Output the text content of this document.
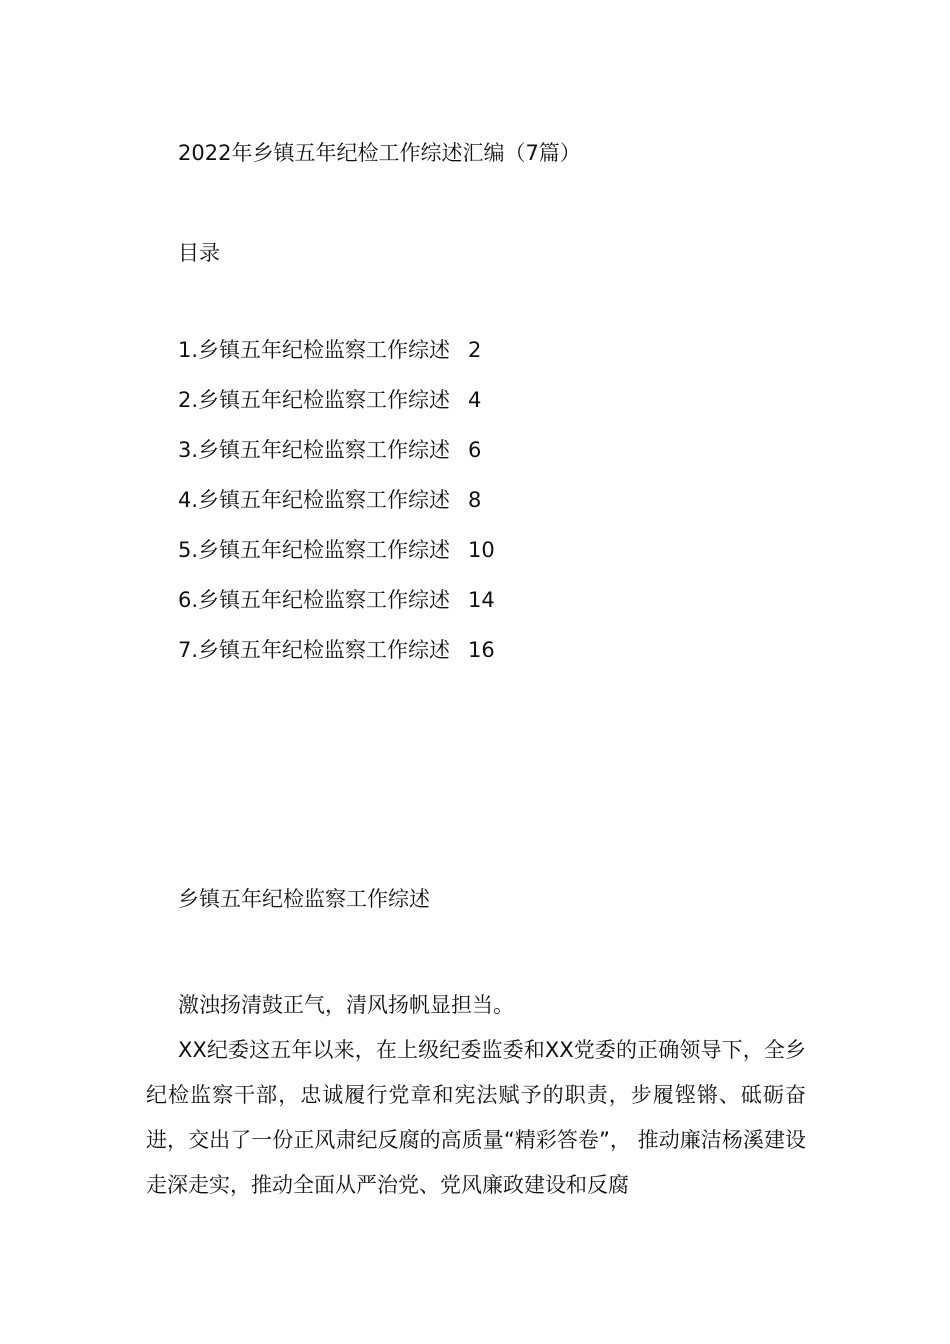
2022年乡镇五年纪检工作综述汇编（7篇）
目录
1.乡镇五年纪检监察工作综述 2
2.乡镇五年纪检监察工作综述 4
3.乡镇五年纪检监察工作综述 6
4.乡镇五年纪检监察工作综述 8
5.乡镇五年纪检监察工作综述 10
6.乡镇五年纪检监察工作综述 14
7.乡镇五年纪检监察工作综述 16
乡镇五年纪检监察工作综述

激浊扬清鼓正气，清风扬帆显担当。

XX纪委这五年以来，在上级纪委监委和XX党委的正确领导下，全乡纪检监察干部，忠诚履行党章和宪法赋予的职责，步履铿锵、砥砺奋进，交出了一份正风肃纪反腐的高质量“精彩答卷”， 推动廉洁杨溪建设走深走实，推动全面从严治党、党风廉政建设和反腐
